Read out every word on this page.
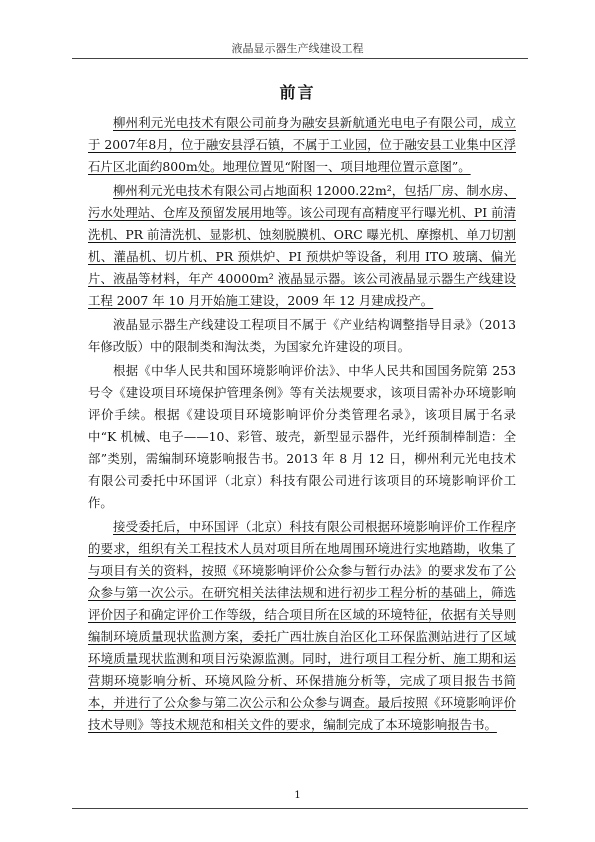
液晶显示器生产线建设工程
前言

柳州利元光电技术有限公司前身为融安县新航通光电电子有限公司，成立于 2007年8月，位于融安县浮石镇，不属于工业园，位于融安县工业集中区浮石片区北面约800m处。地理位置见“附图一、项目地理位置示意图”。

柳州利元光电技术有限公司占地面积 12000.22m²，包括厂房、制水房、污水处理站、仓库及预留发展用地等。该公司现有高精度平行曝光机、PI 前清洗机、PR 前清洗机、显影机、蚀刻脱膜机、ORC 曝光机、摩擦机、单刀切割机、灌晶机、切片机、PR 预烘炉、PI 预烘炉等设备，利用 ITO 玻璃、偏光片、液晶等材料，年产 40000m² 液晶显示器。该公司液晶显示器生产线建设工程 2007 年 10 月开始施工建设，2009 年 12 月建成投产。

液晶显示器生产线建设工程项目不属于《产业结构调整指导目录》（2013 年修改版）中的限制类和淘汰类，为国家允许建设的项目。

根据《中华人民共和国环境影响评价法》、中华人民共和国国务院第 253 号令《建设项目环境保护管理条例》等有关法规要求，该项目需补办环境影响评价手续。根据《建设项目环境影响评价分类管理名录》，该项目属于名录中“K 机械、电子——10、彩管、玻壳，新型显示器件，光纤预制棒制造：全部”类别，需编制环境影响报告书。2013 年 8 月 12 日，柳州利元光电技术有限公司委托中环国评（北京）科技有限公司进行该项目的环境影响评价工作。

接受委托后，中环国评（北京）科技有限公司根据环境影响评价工作程序的要求，组织有关工程技术人员对项目所在地周围环境进行实地踏勘，收集了与项目有关的资料，按照《环境影响评价公众参与暂行办法》的要求发布了公众参与第一次公示。在研究相关法律法规和进行初步工程分析的基础上，筛选评价因子和确定评价工作等级，结合项目所在区域的环境特征，依据有关导则编制环境质量现状监测方案，委托广西壮族自治区化工环保监测站进行了区域环境质量现状监测和项目污染源监测。同时，进行项目工程分析、施工期和运营期环境影响分析、环境风险分析、环保措施分析等，完成了项目报告书简本，并进行了公众参与第二次公示和公众参与调查。最后按照《环境影响评价技术导则》等技术规范和相关文件的要求，编制完成了本环境影响报告书。

1
